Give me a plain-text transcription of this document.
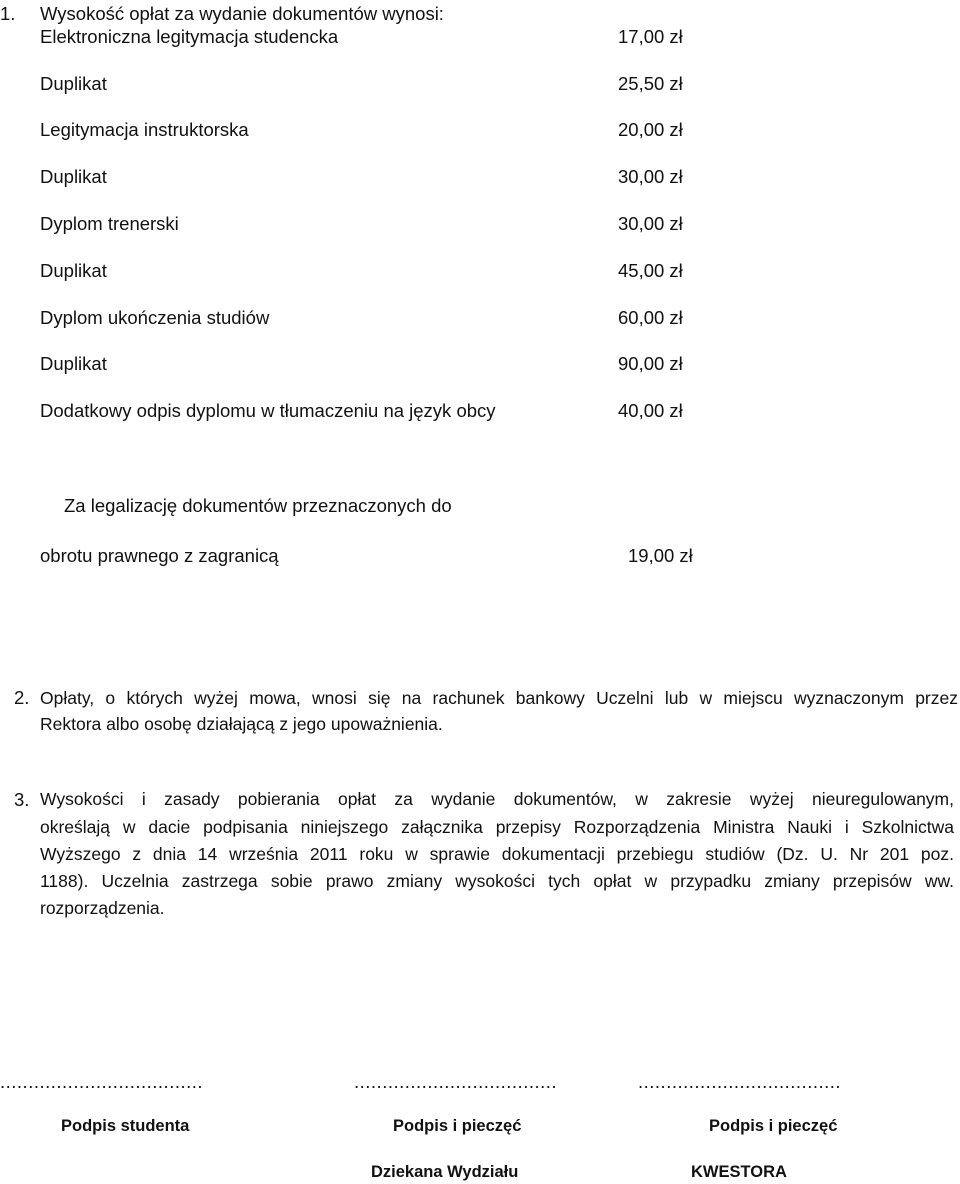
1. Wysokość opłat za wydanie dokumentów wynosi:
Elektroniczna legitymacja studencka	17,00 zł
Duplikat	25,50 zł
Legitymacja instruktorska	20,00 zł
Duplikat	30,00 zł
Dyplom trenerski	30,00 zł
Duplikat	45,00 zł
Dyplom ukończenia studiów	60,00 zł
Duplikat	90,00 zł
Dodatkowy odpis dyplomu w tłumaczeniu na język obcy	40,00 zł
Za legalizację dokumentów przeznaczonych do
obrotu prawnego z zagranicą	19,00 zł
2. Opłaty, o których wyżej mowa, wnosi się na rachunek bankowy Uczelni lub w miejscu wyznaczonym przez
Rektora albo osobę działającą z jego upoważnienia.
3. Wysokości i zasady pobierania opłat za wydanie dokumentów, w zakresie wyżej nieuregulowanym,
określają w dacie podpisania niniejszego załącznika przepisy Rozporządzenia Ministra Nauki i Szkolnictwa
Wyższego z dnia 14 września 2011 roku w sprawie dokumentacji przebiegu studiów (Dz. U. Nr 201 poz.
1188). Uczelnia zastrzega sobie prawo zmiany wysokości tych opłat w przypadku zmiany przepisów ww.
rozporządzenia.
....................................	....................................	....................................
Podpis studenta	Podpis i pieczęć	Podpis i pieczęć
Dziekana Wydziału	KWESTORA
